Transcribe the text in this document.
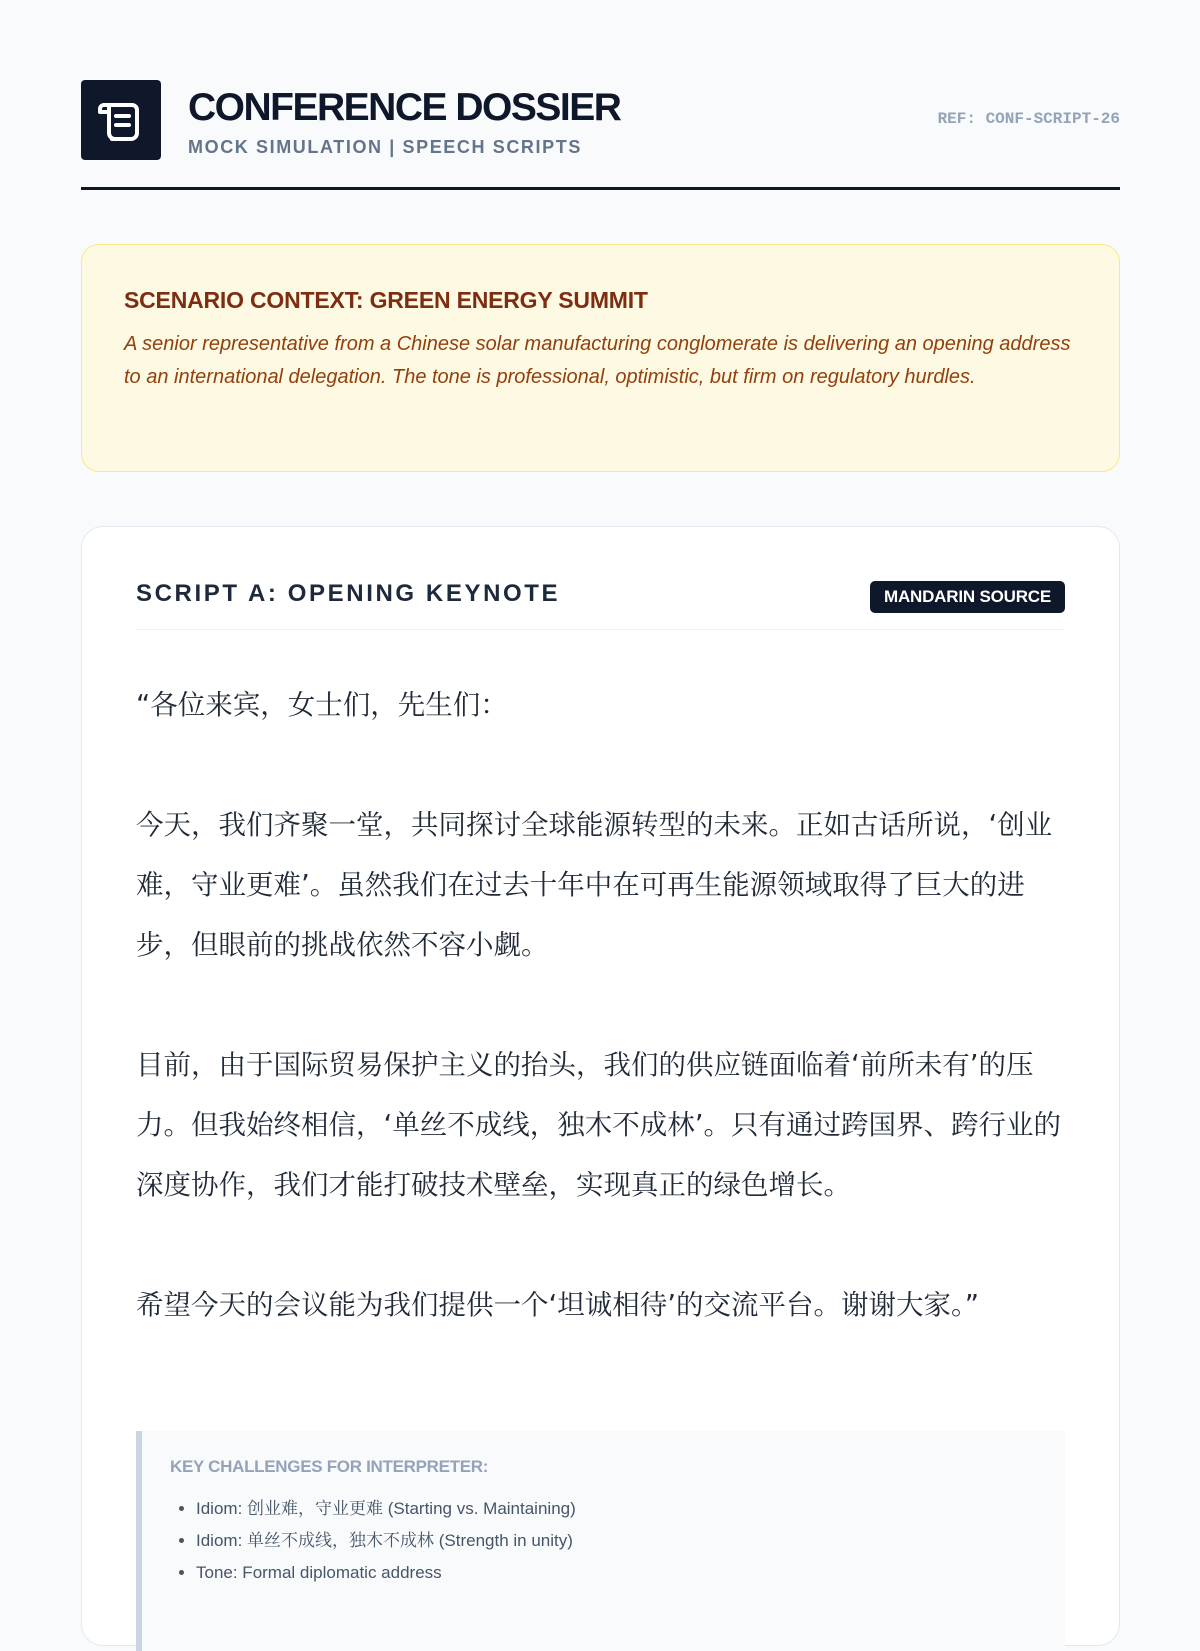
CONFERENCE DOSSIER
MOCK SIMULATION | SPEECH SCRIPTS
REF: CONF-SCRIPT-26
SCENARIO CONTEXT: GREEN ENERGY SUMMIT

A senior representative from a Chinese solar manufacturing conglomerate is delivering an opening address to an international delegation. The tone is professional, optimistic, but firm on regulatory hurdles.

SCRIPT A: OPENING KEYNOTE	MANDARIN SOURCE

“各位来宾，女士们，先生们：

今天，我们齐聚一堂，共同探讨全球能源转型的未来。正如古话所说，‘创业难，守业更难’。虽然我们在过去十年中在可再生能源领域取得了巨大的进步，但眼前的挑战依然不容小觑。

目前，由于国际贸易保护主义的抬头，我们的供应链面临着‘前所未有’的压力。但我始终相信，‘单丝不成线，独木不成林’。只有通过跨国界、跨行业的深度协作，我们才能打破技术壁垒，实现真正的绿色增长。

希望今天的会议能为我们提供一个‘坦诚相待’的交流平台。谢谢大家。”

KEY CHALLENGES FOR INTERPRETER:
• Idiom: 创业难，守业更难 (Starting vs. Maintaining)
• Idiom: 单丝不成线，独木不成林 (Strength in unity)
• Tone: Formal diplomatic address
